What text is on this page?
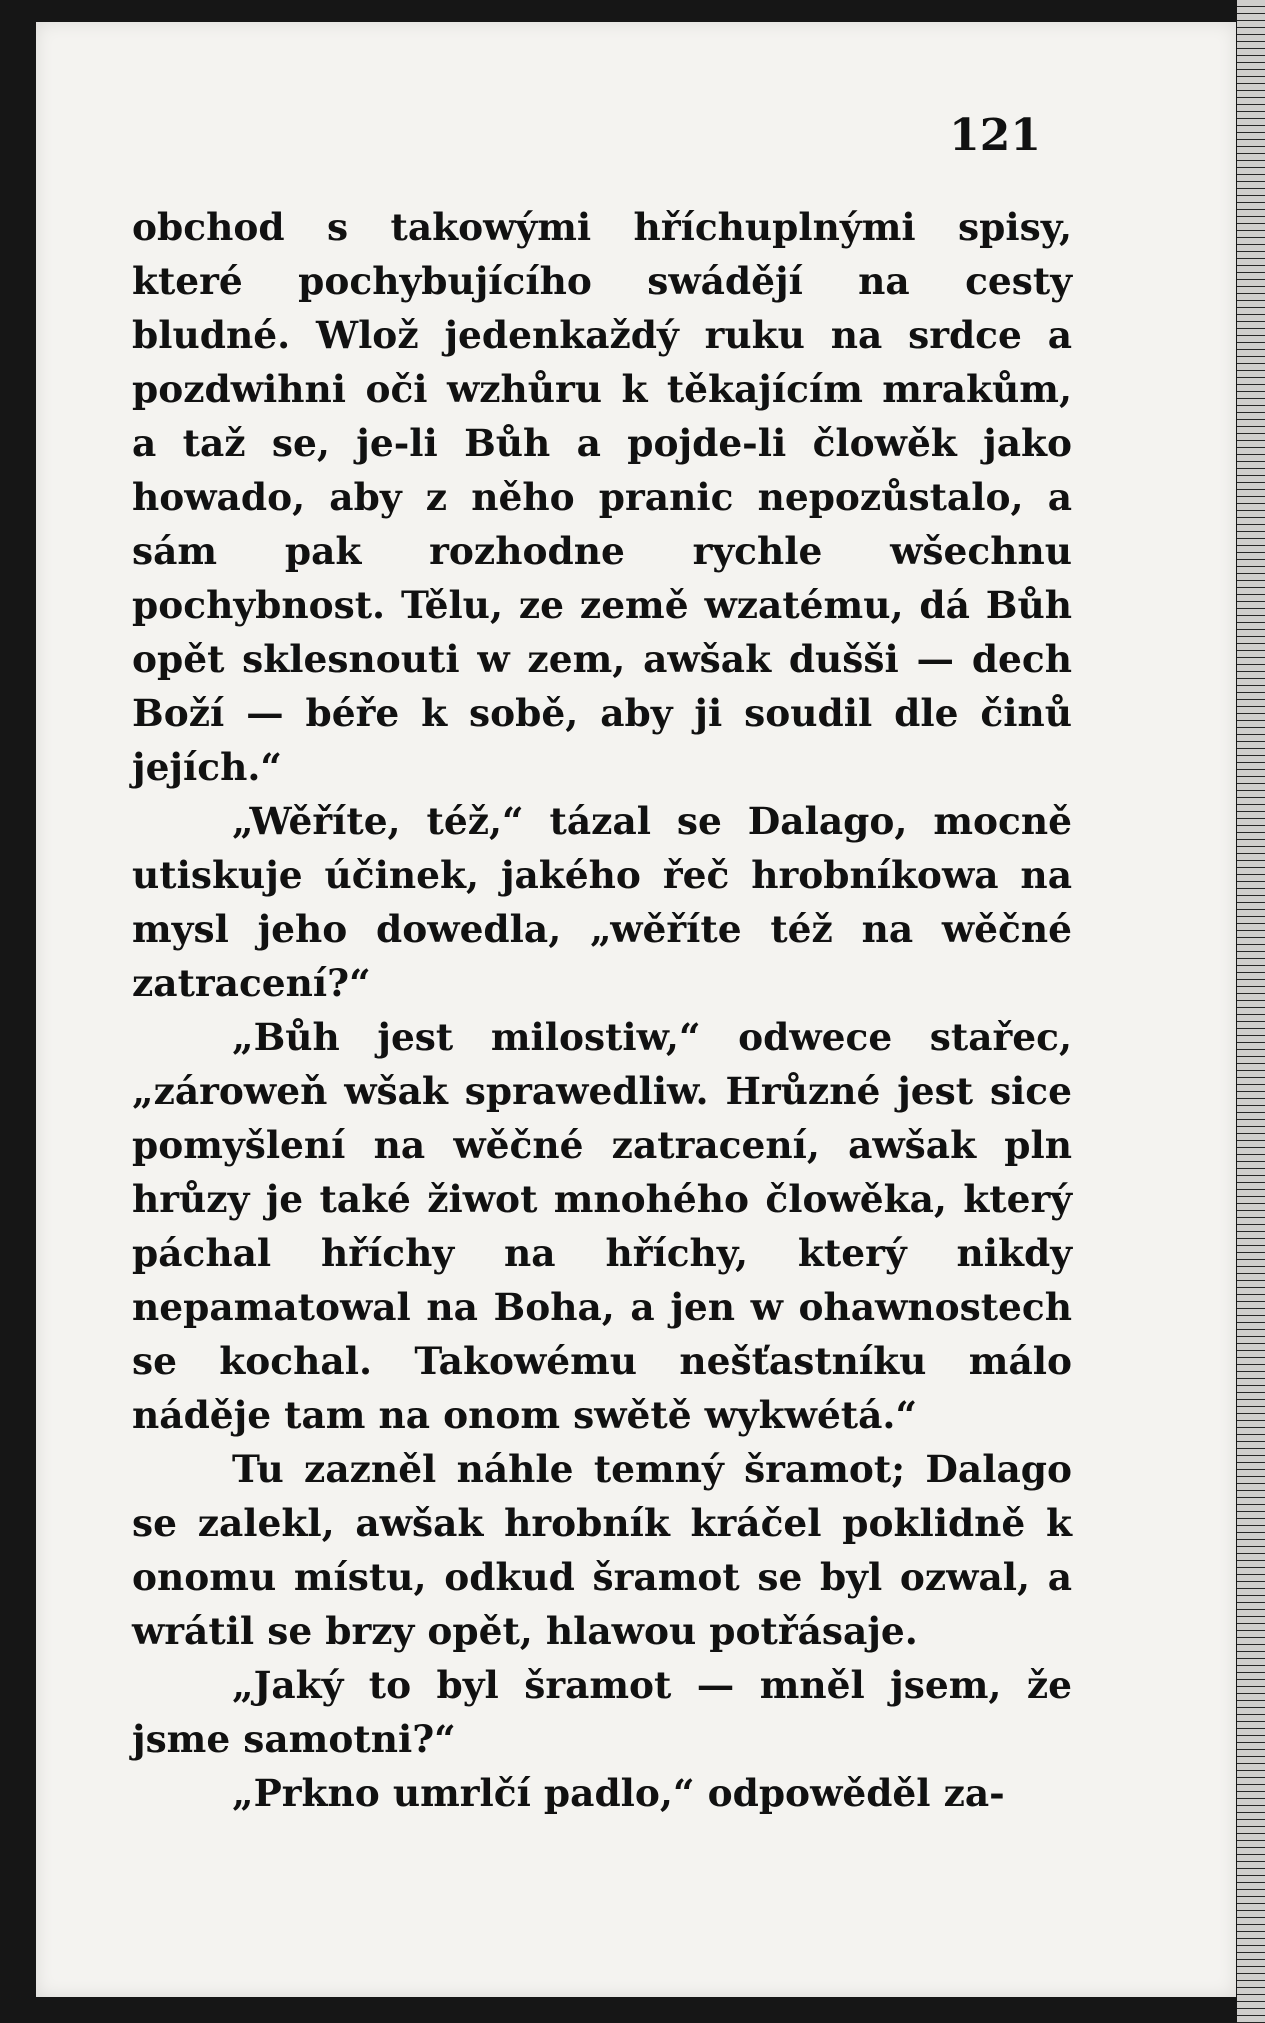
121

obchod s takowými hříchuplnými spisy, které pochybujícího swádějí na cesty bludné. Wlož jedenkaždý ruku na srdce a pozdwihni oči wzhůru k těkajícím mrakům, a taž se, je-li Bůh a pojde-li člowěk jako howado, aby z něho pranic nepozůstalo, a sám pak rozhodne rychle wšechnu pochybnost. Tělu, ze země wzatému, dá Bůh opět sklesnouti w zem, awšak dušši — dech Boží — béře k sobě, aby ji soudil dle činů jejích.“

„Wěříte, též,“ tázal se Dalago, mocně utiskuje účinek, jakého řeč hrobníkowa na mysl jeho dowedla, „wěříte též na wěčné zatracení?“

„Bůh jest milostiw,“ odwece stařec, „zároweň wšak sprawedliw. Hrůzné jest sice pomyšlení na wěčné zatracení, awšak pln hrůzy je také žiwot mnohého člowěka, který páchal hříchy na hříchy, který nikdy nepamatowal na Boha, a jen w ohawnostech se kochal. Takowému nešťastníku málo náděje tam na onom swětě wykwétá.“

Tu zazněl náhle temný šramot; Dalago se zalekl, awšak hrobník kráčel poklidně k onomu místu, odkud šramot se byl ozwal, a wrátil se brzy opět, hlawou potřásaje.

„Jaký to byl šramot — mněl jsem, že jsme samotni?“

„Prkno umrlčí padlo,“ odpowěděl za-
